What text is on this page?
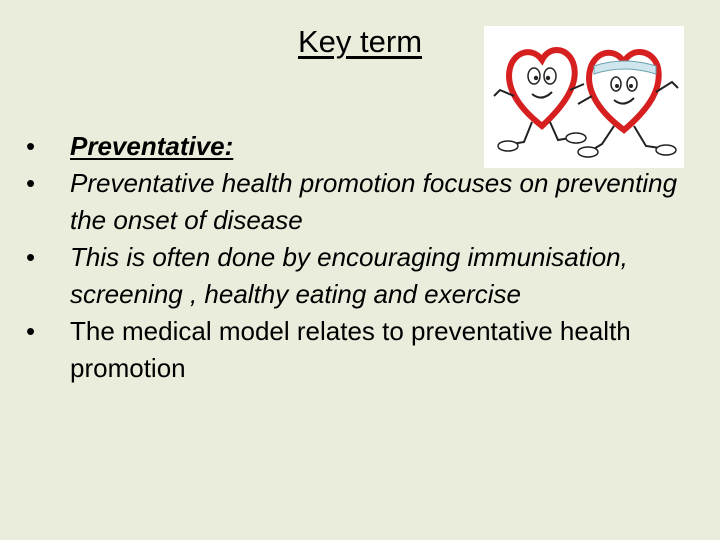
Key term
• Preventative:
• Preventative health promotion focuses on preventing the onset of disease
• This is often done by encouraging immunisation, screening , healthy eating and exercise
• The medical model relates to preventative health promotion
